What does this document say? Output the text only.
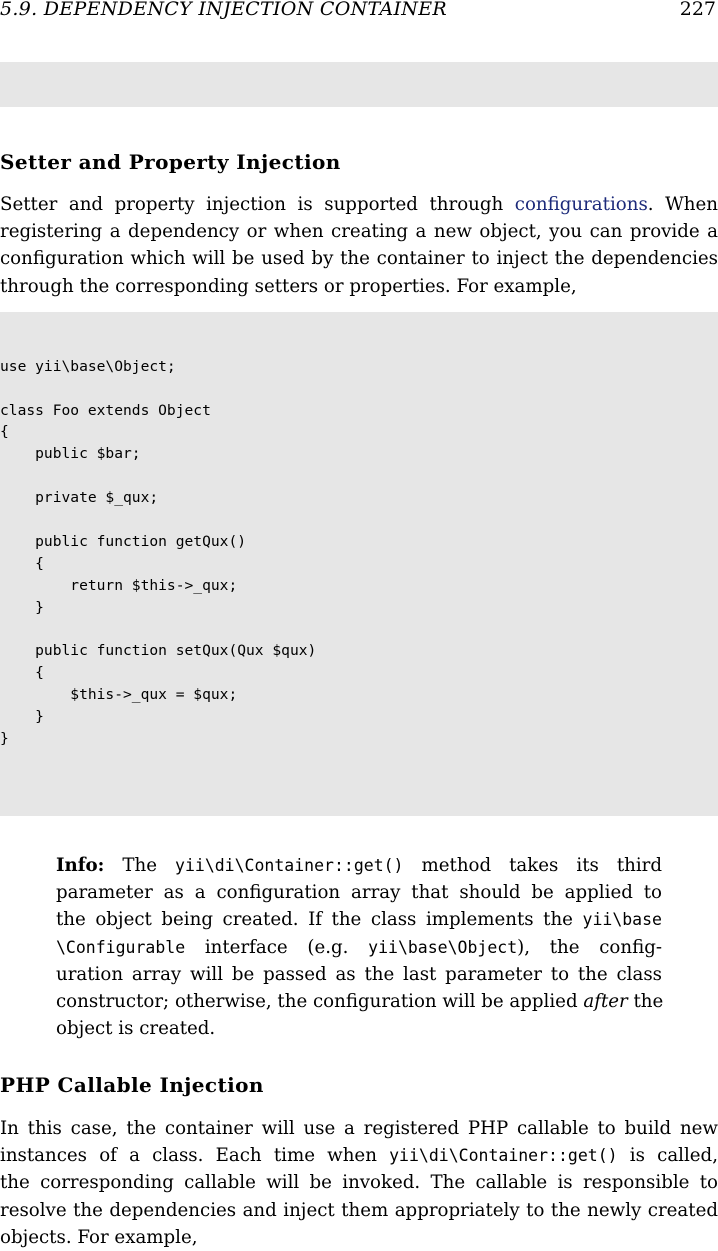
5.9. DEPENDENCY INJECTION CONTAINER	227

Setter and Property Injection
Setter and property injection is supported through configurations. When
registering a dependency or when creating a new object, you can provide a
configuration which will be used by the container to inject the dependencies
through the corresponding setters or properties. For example,

use yii\base\Object;
class Foo extends Object
{
public $bar;
private $_qux;
public function getQux()
{
return $this->_qux;
}
public function setQux(Qux $qux)
{
$this->_qux = $qux;
}
}

Info: The yii\di\Container::get() method takes its third
parameter as a configuration array that should be applied to
the object being created. If the class implements the yii\base
\Configurable interface (e.g. yii\base\Object), the config-
uration array will be passed as the last parameter to the class
constructor; otherwise, the configuration will be applied after the
object is created.
PHP Callable Injection
In this case, the container will use a registered PHP callable to build new
instances of a class. Each time when yii\di\Container::get() is called,
the corresponding callable will be invoked. The callable is responsible to
resolve the dependencies and inject them appropriately to the newly created
objects. For example,
